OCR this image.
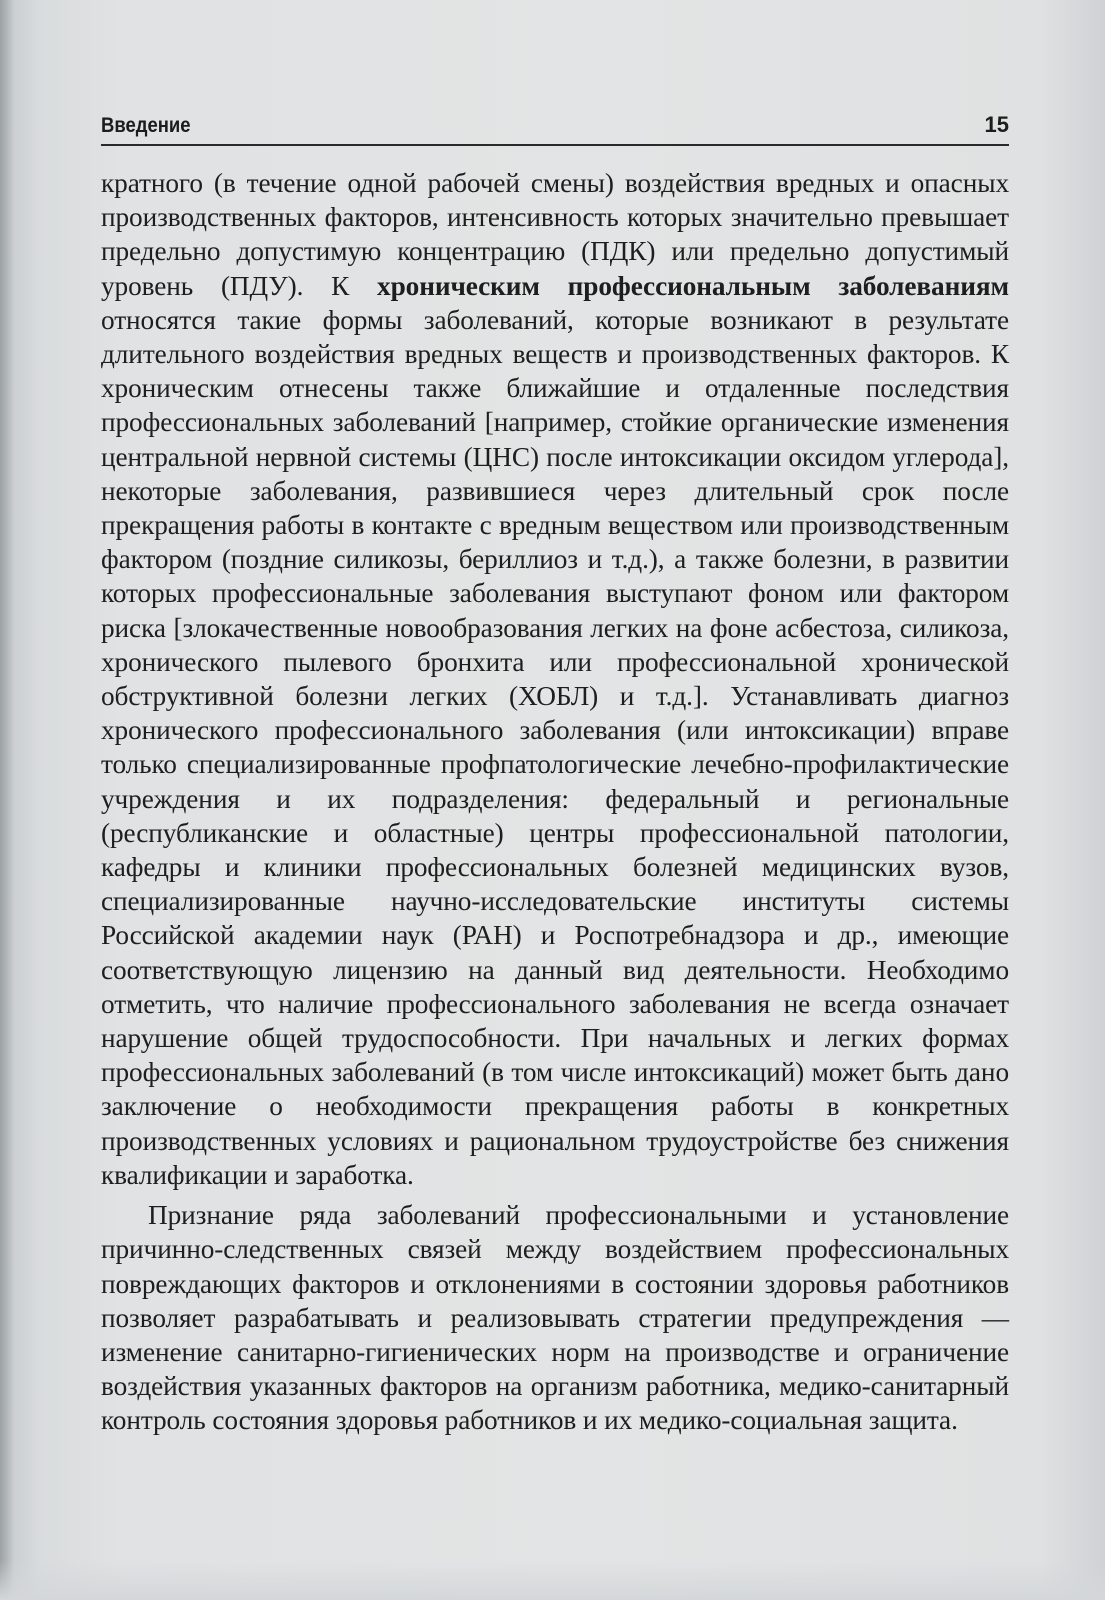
Введение	15

кратного (в течение одной рабочей смены) воздействия вредных и опасных производственных факторов, интенсивность которых значительно превышает предельно допустимую концентрацию (ПДК) или предельно допустимый уровень (ПДУ). К хроническим профессиональным заболеваниям относятся такие формы заболеваний, которые возникают в результате длительного воздействия вредных веществ и производственных факторов. К хроническим отнесены также ближайшие и отдаленные последствия профессиональных заболеваний [например, стойкие органические изменения центральной нервной системы (ЦНС) после интоксикации оксидом углерода], некоторые заболевания, развившиеся через длительный срок после прекращения работы в контакте с вредным веществом или производственным фактором (поздние силикозы, бериллиоз и т.д.), а также болезни, в развитии которых профессиональные заболевания выступают фоном или фактором риска [злокачественные новообразования легких на фоне асбестоза, силикоза, хронического пылевого бронхита или профессиональной хронической обструктивной болезни легких (ХОБЛ) и т.д.]. Устанавливать диагноз хронического профессионального заболевания (или интоксикации) вправе только специализированные профпатологические лечебно-профилактические учреждения и их подразделения: федеральный и региональные (республиканские и областные) центры профессиональной патологии, кафедры и клиники профессиональных болезней медицинских вузов, специализированные научно-исследовательские институты системы Российской академии наук (РАН) и Роспотребнадзора и др., имеющие соответствующую лицензию на данный вид деятельности. Необходимо отметить, что наличие профессионального заболевания не всегда означает нарушение общей трудоспособности. При начальных и легких формах профессиональных заболеваний (в том числе интоксикаций) может быть дано заключение о необходимости прекращения работы в конкретных производственных условиях и рациональном трудоустройстве без снижения квалификации и заработка.

Признание ряда заболеваний профессиональными и установление причинно-следственных связей между воздействием профессиональных повреждающих факторов и отклонениями в состоянии здоровья работников позволяет разрабатывать и реализовывать стратегии предупреждения — изменение санитарно-гигиенических норм на производстве и ограничение воздействия указанных факторов на организм работника, медико-санитарный контроль состояния здоровья работников и их медико-социальная защита.
